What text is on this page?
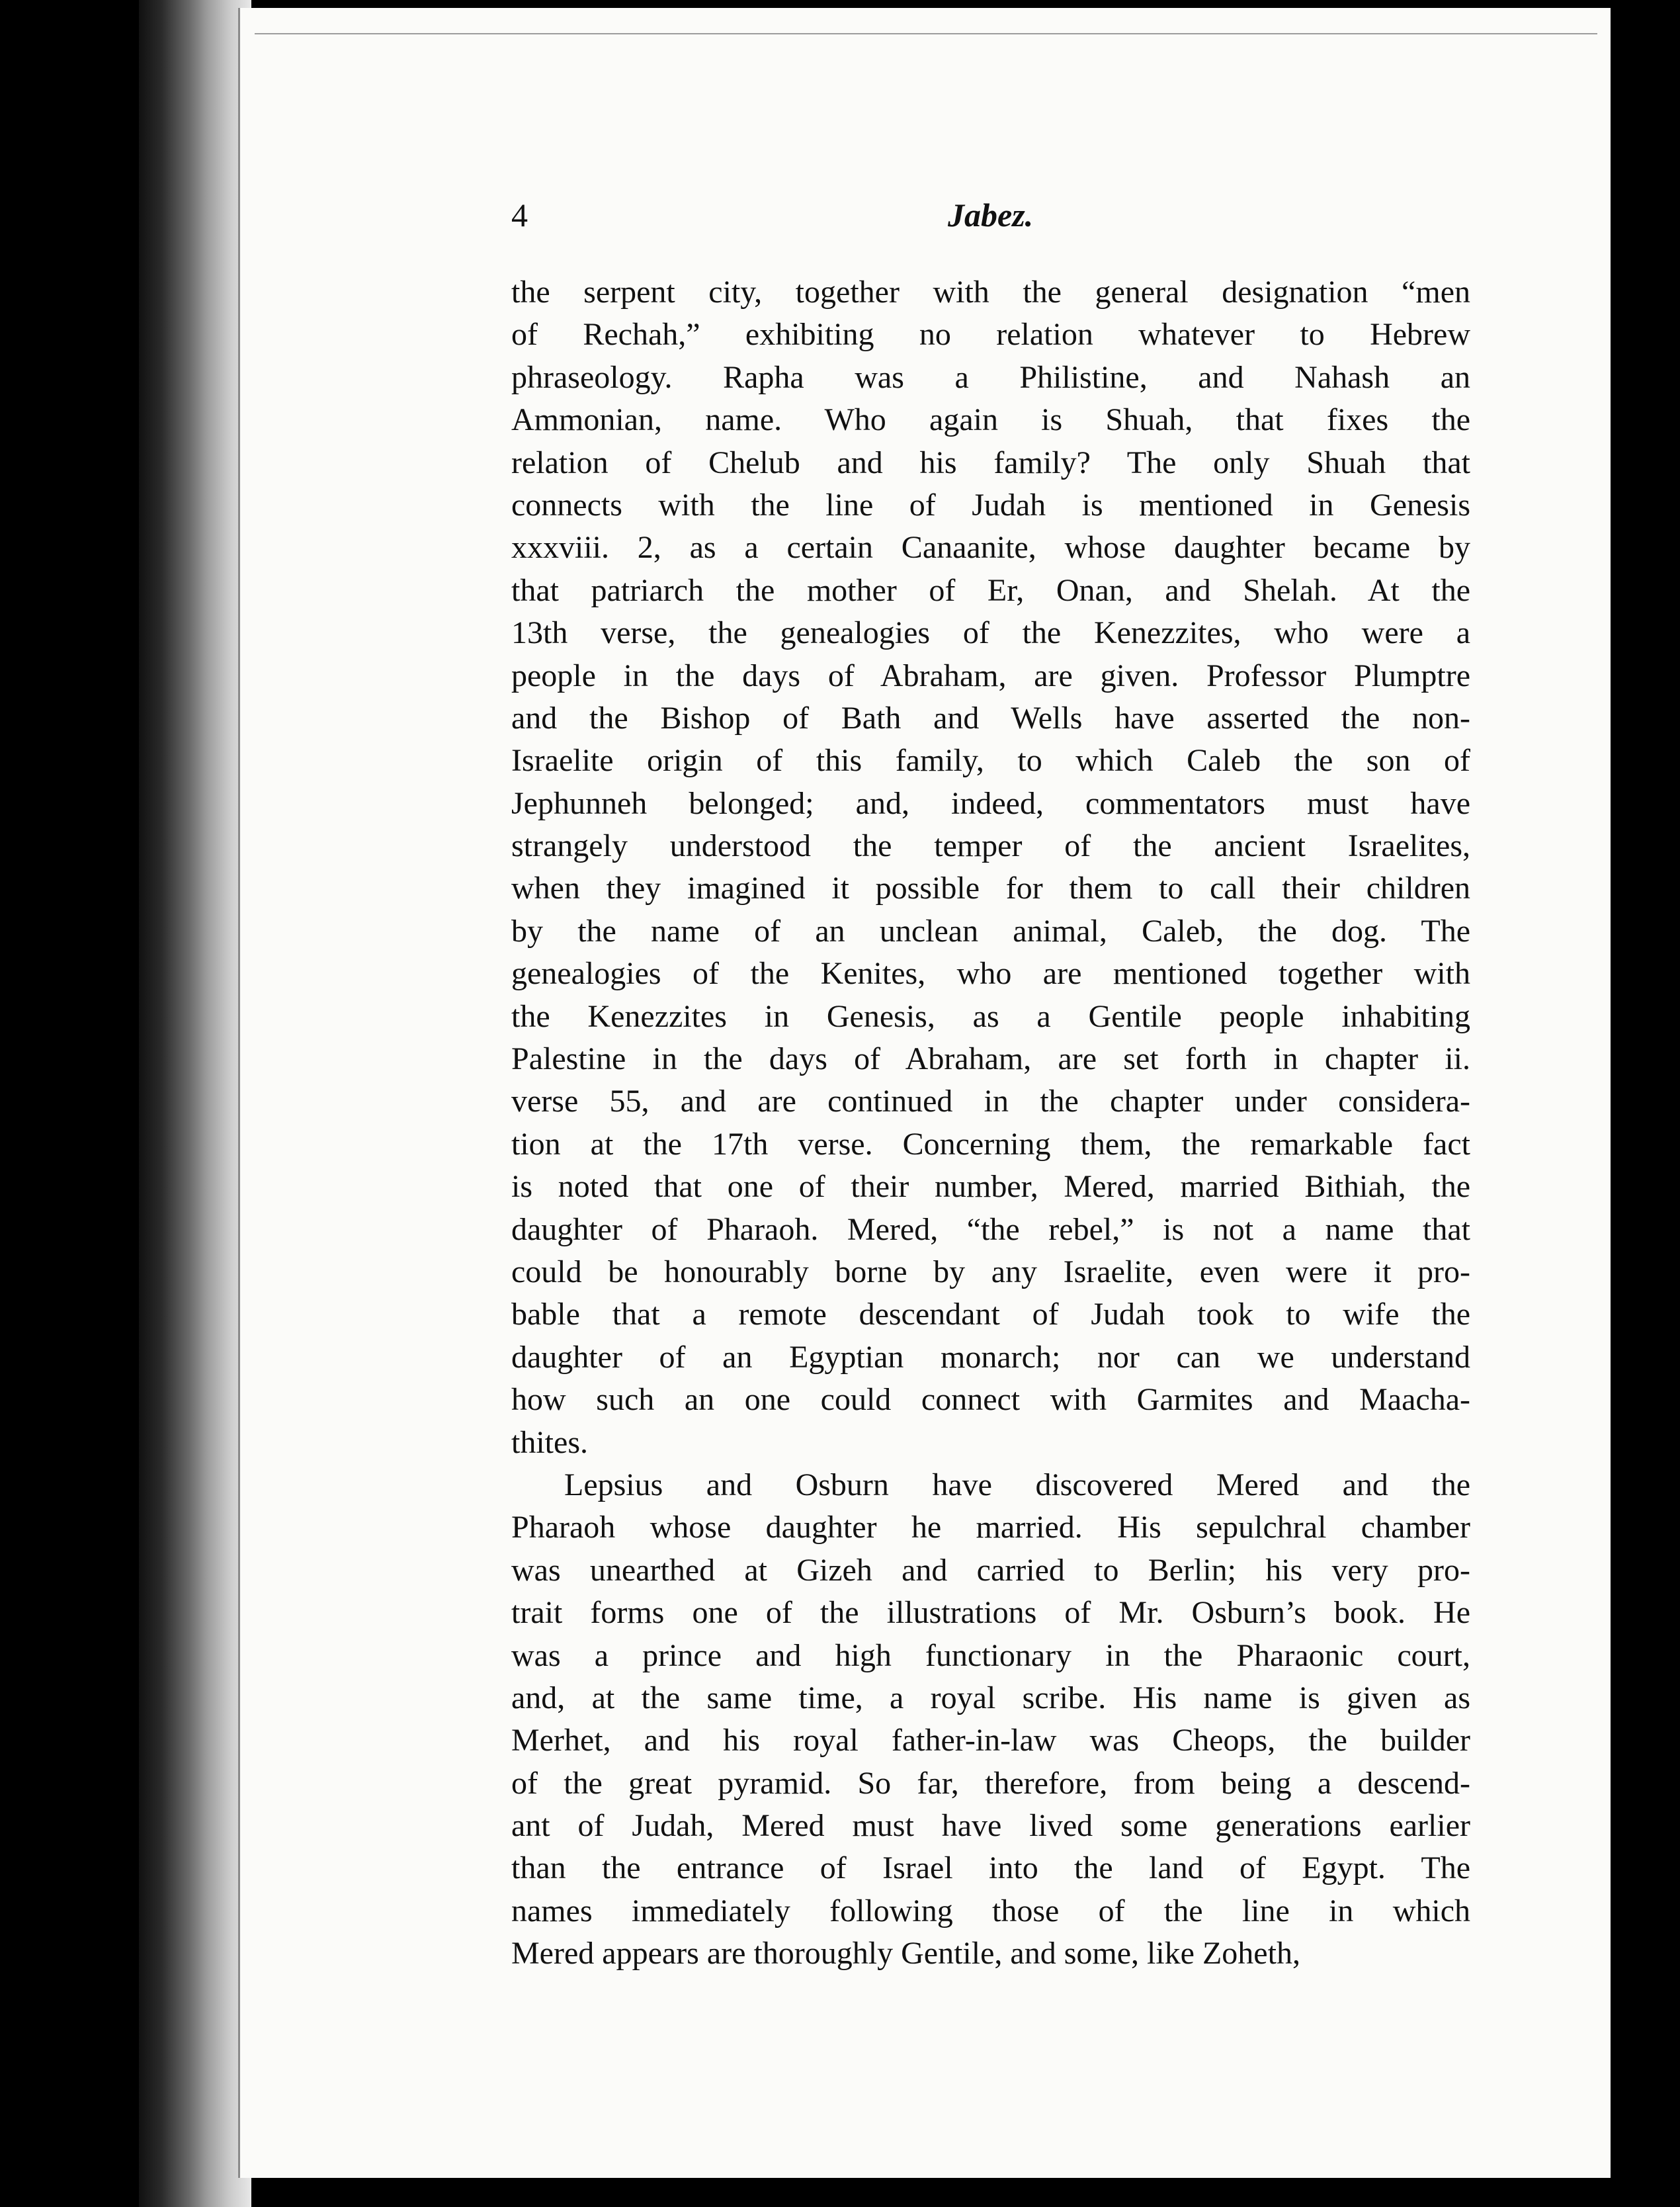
4	Jabez.
the serpent city, together with the general designation “men
of Rechah,” exhibiting no relation whatever to Hebrew
phraseology. Rapha was a Philistine, and Nahash an
Ammonian, name. Who again is Shuah, that fixes the
relation of Chelub and his family? The only Shuah that
connects with the line of Judah is mentioned in Genesis
xxxviii. 2, as a certain Canaanite, whose daughter became by
that patriarch the mother of Er, Onan, and Shelah. At the
13th verse, the genealogies of the Kenezzites, who were a
people in the days of Abraham, are given. Professor Plumptre
and the Bishop of Bath and Wells have asserted the non-
Israelite origin of this family, to which Caleb the son of
Jephunneh belonged; and, indeed, commentators must have
strangely understood the temper of the ancient Israelites,
when they imagined it possible for them to call their children
by the name of an unclean animal, Caleb, the dog. The
genealogies of the Kenites, who are mentioned together with
the Kenezzites in Genesis, as a Gentile people inhabiting
Palestine in the days of Abraham, are set forth in chapter ii.
verse 55, and are continued in the chapter under considera-
tion at the 17th verse. Concerning them, the remarkable fact
is noted that one of their number, Mered, married Bithiah, the
daughter of Pharaoh. Mered, “the rebel,” is not a name that
could be honourably borne by any Israelite, even were it pro-
bable that a remote descendant of Judah took to wife the
daughter of an Egyptian monarch; nor can we understand
how such an one could connect with Garmites and Maacha-
thites.
Lepsius and Osburn have discovered Mered and the
Pharaoh whose daughter he married. His sepulchral chamber
was unearthed at Gizeh and carried to Berlin; his very pro-
trait forms one of the illustrations of Mr. Osburn’s book. He
was a prince and high functionary in the Pharaonic court,
and, at the same time, a royal scribe. His name is given as
Merhet, and his royal father-in-law was Cheops, the builder
of the great pyramid. So far, therefore, from being a descend-
ant of Judah, Mered must have lived some generations earlier
than the entrance of Israel into the land of Egypt. The
names immediately following those of the line in which
Mered appears are thoroughly Gentile, and some, like Zoheth,
